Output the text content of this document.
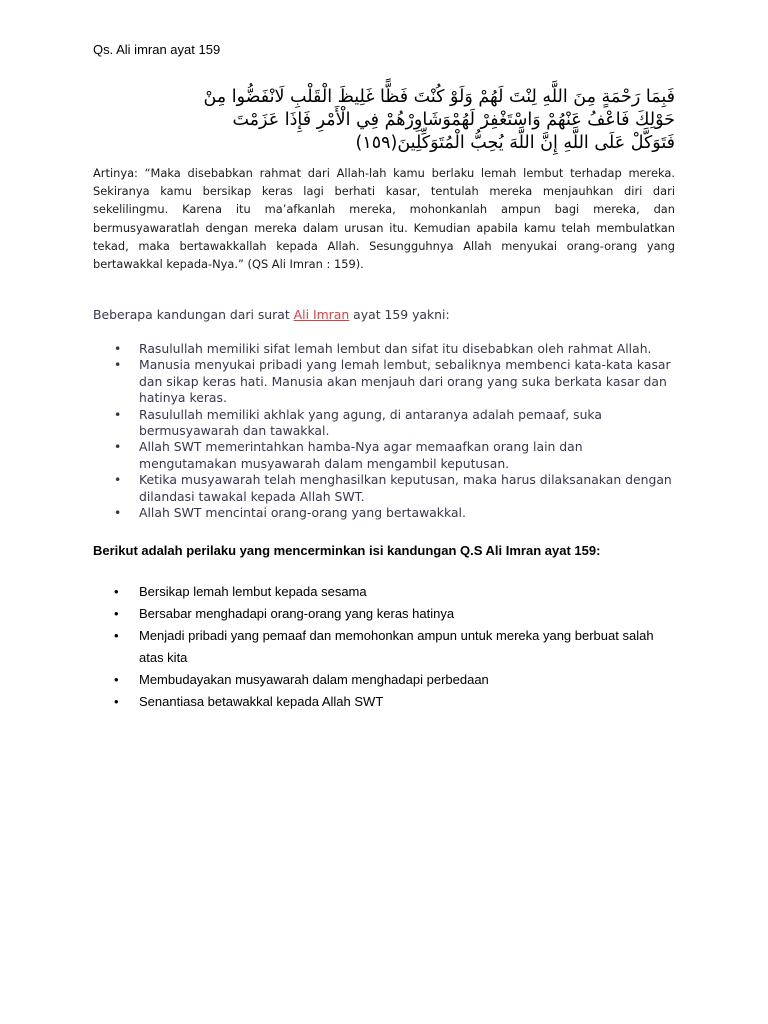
Qs. Ali imran ayat 159
فَبِمَا رَحْمَةٍ مِنَ اللَّهِ لِنْتَ لَهُمْ وَلَوْ كُنْتَ فَظًّا غَلِيظَ الْقَلْبِ لَانْفَضُّوا مِنْ
حَوْلِكَ فَاعْفُ عَنْهُمْ وَاسْتَغْفِرْ لَهُمْوَشَاوِرْهُمْ فِي الْأَمْرِ فَإِذَا عَزَمْتَ
فَتَوَكَّلْ عَلَى اللَّهِ إِنَّ اللَّهَ يُحِبُّ الْمُتَوَكِّلِينَ(١٥٩)
Artinya: “Maka disebabkan rahmat dari Allah-lah kamu berlaku lemah lembut terhadap mereka. Sekiranya kamu bersikap keras lagi berhati kasar, tentulah mereka menjauhkan diri dari sekelilingmu. Karena itu ma’afkanlah mereka, mohonkanlah ampun bagi mereka, dan bermusyawaratlah dengan mereka dalam urusan itu. Kemudian apabila kamu telah membulatkan tekad, maka bertawakkallah kepada Allah. Sesungguhnya Allah menyukai orang-orang yang bertawakkal kepada-Nya.” (QS Ali Imran : 159).
Beberapa kandungan dari surat Ali Imran ayat 159 yakni:
• Rasulullah memiliki sifat lemah lembut dan sifat itu disebabkan oleh rahmat Allah.
• Manusia menyukai pribadi yang lemah lembut, sebaliknya membenci kata-kata kasar dan sikap keras hati. Manusia akan menjauh dari orang yang suka berkata kasar dan hatinya keras.
• Rasulullah memiliki akhlak yang agung, di antaranya adalah pemaaf, suka bermusyawarah dan tawakkal.
• Allah SWT memerintahkan hamba-Nya agar memaafkan orang lain dan mengutamakan musyawarah dalam mengambil keputusan.
• Ketika musyawarah telah menghasilkan keputusan, maka harus dilaksanakan dengan dilandasi tawakal kepada Allah SWT.
• Allah SWT mencintai orang-orang yang bertawakkal.
Berikut adalah perilaku yang mencerminkan isi kandungan Q.S Ali Imran ayat 159:
• Bersikap lemah lembut kepada sesama
• Bersabar menghadapi orang-orang yang keras hatinya
• Menjadi pribadi yang pemaaf dan memohonkan ampun untuk mereka yang berbuat salah atas kita
• Membudayakan musyawarah dalam menghadapi perbedaan
• Senantiasa betawakkal kepada Allah SWT
